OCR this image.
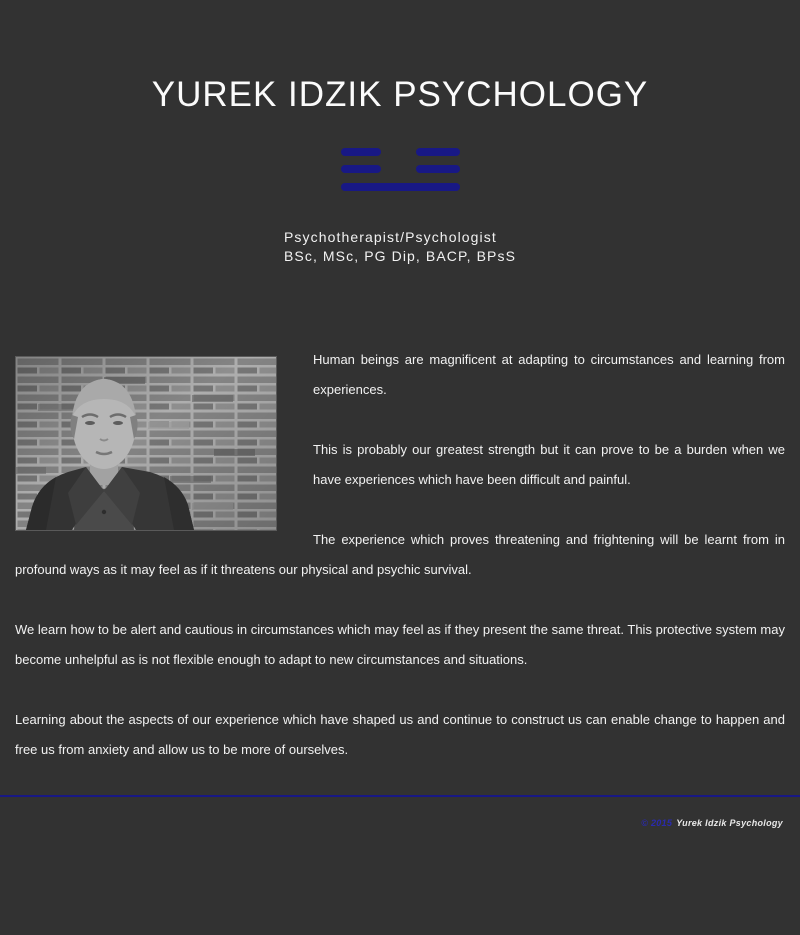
YUREK IDZIK PSYCHOLOGY
Psychotherapist/Psychologist
BSc, MSc, PG Dip, BACP, BPsS

Human beings are magnificent at adapting to circumstances and learning from experiences.

This is probably our greatest strength but it can prove to be a burden when we have experiences which have been difficult and painful.

The experience which proves threatening and frightening will be learnt from in profound ways as it may feel as if it threatens our physical and psychic survival.

We learn how to be alert and cautious in circumstances which may feel as if they present the same threat. This protective system may become unhelpful as is not flexible enough to adapt to new circumstances and situations.

Learning about the aspects of our experience which have shaped us and continue to construct us can enable change to happen and free us from anxiety and allow us to be more of ourselves.

© 2015 Yurek Idzik Psychology
